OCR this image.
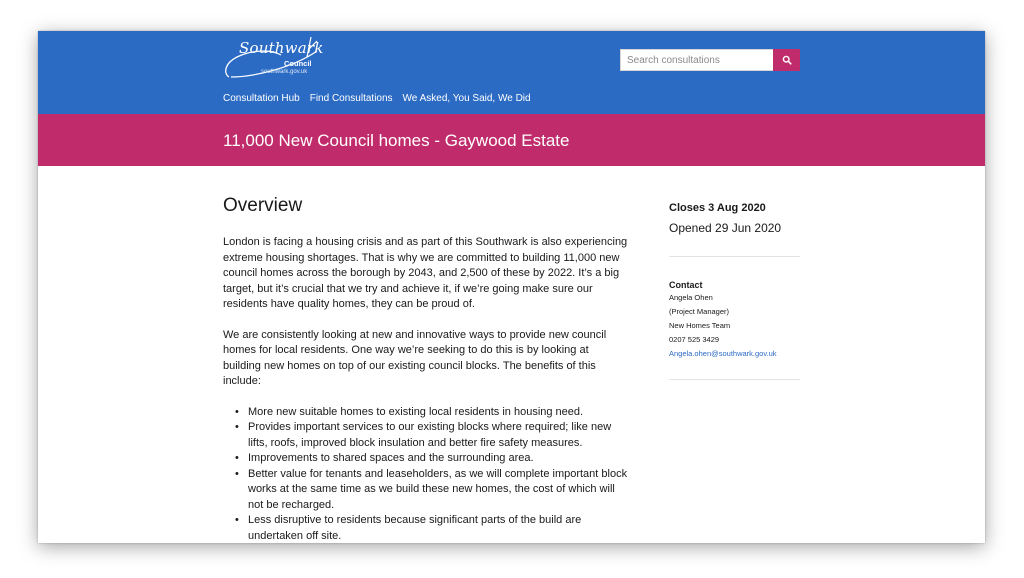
Southwark
Council
southwark.gov.uk
Search consultations
Consultation Hub Find Consultations We Asked, You Said, We Did
11,000 New Council homes - Gaywood Estate
Overview

London is facing a housing crisis and as part of this Southwark is also experiencing extreme housing shortages. That is why we are committed to building 11,000 new council homes across the borough by 2043, and 2,500 of these by 2022. It’s a big target, but it’s crucial that we try and achieve it, if we’re going make sure our residents have quality homes, they can be proud of.

We are consistently looking at new and innovative ways to provide new council homes for local residents. One way we’re seeking to do this is by looking at building new homes on top of our existing council blocks. The benefits of this include:

• More new suitable homes to existing local residents in housing need.
• Provides important services to our existing blocks where required; like new lifts, roofs, improved block insulation and better fire safety measures.
• Improvements to shared spaces and the surrounding area.
• Better value for tenants and leaseholders, as we will complete important block works at the same time as we build these new homes, the cost of which will not be recharged.
• Less disruptive to residents because significant parts of the build are undertaken off site.
Closes 3 Aug 2020
Opened 29 Jun 2020
Contact
Angela Ohen
(Project Manager)
New Homes Team
0207 525 3429
Angela.ohen@southwark.gov.uk
